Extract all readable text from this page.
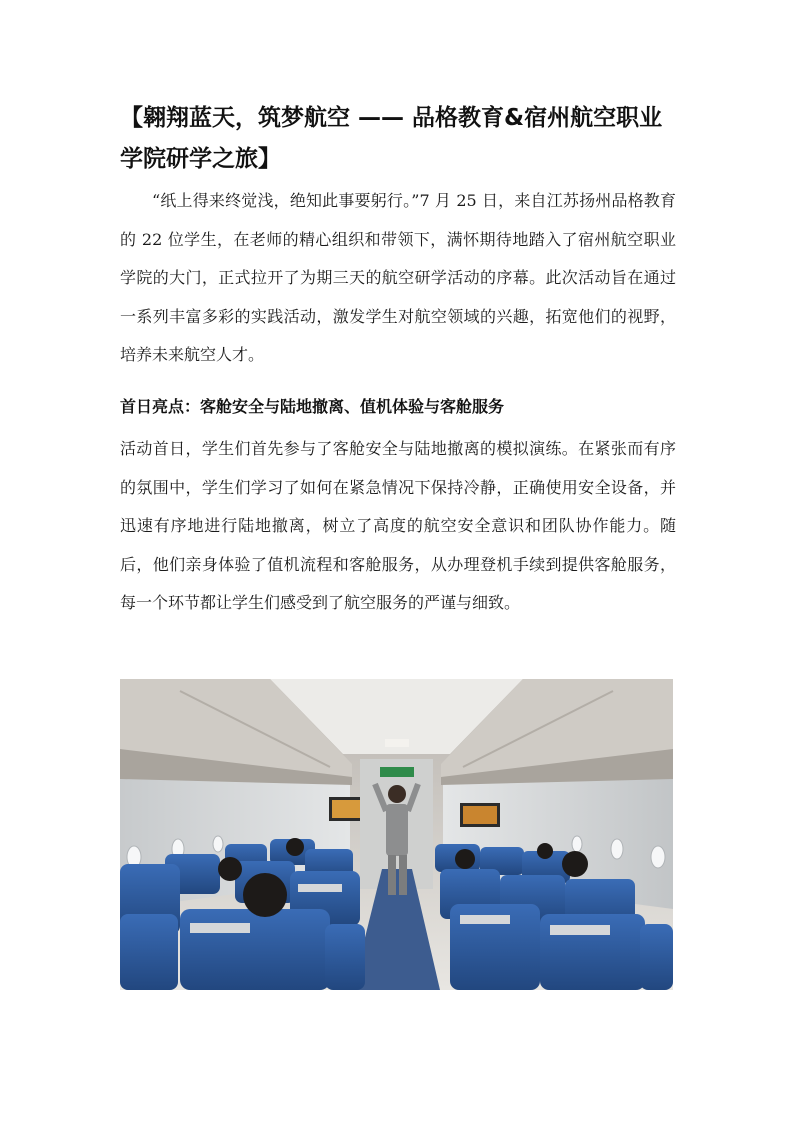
【翱翔蓝天，筑梦航空 —— 品格教育&宿州航空职业学院研学之旅】

“纸上得来终觉浅，绝知此事要躬行。”7 月 25 日，来自江苏扬州品格教育的 22 位学生，在老师的精心组织和带领下，满怀期待地踏入了宿州航空职业学院的大门，正式拉开了为期三天的航空研学活动的序幕。此次活动旨在通过一系列丰富多彩的实践活动，激发学生对航空领域的兴趣，拓宽他们的视野，培养未来航空人才。

首日亮点：客舱安全与陆地撤离、值机体验与客舱服务

活动首日，学生们首先参与了客舱安全与陆地撤离的模拟演练。在紧张而有序的氛围中，学生们学习了如何在紧急情况下保持冷静，正确使用安全设备，并迅速有序地进行陆地撤离，树立了高度的航空安全意识和团队协作能力。随后，他们亲身体验了值机流程和客舱服务，从办理登机手续到提供客舱服务，每一个环节都让学生们感受到了航空服务的严谨与细致。
